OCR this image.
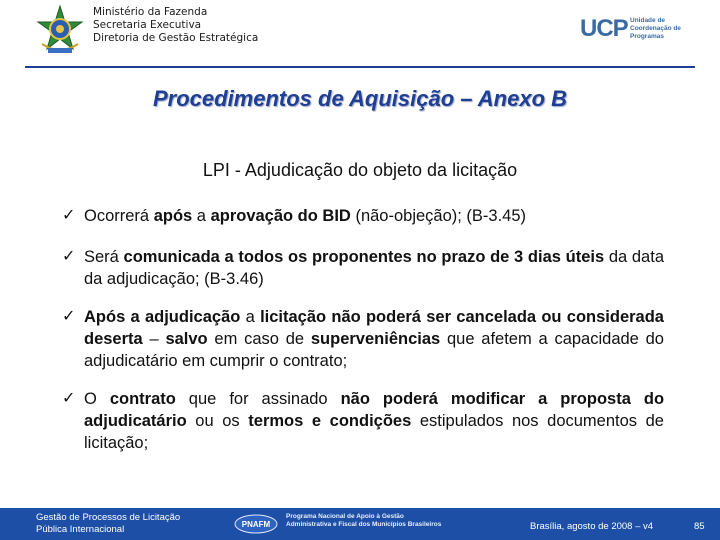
Ministério da Fazenda
Secretaria Executiva
Diretoria de Gestão Estratégica	UCP Unidade de
Coordenação de
Programas
Procedimentos de Aquisição – Anexo B
LPI - Adjudicação do objeto da licitação
✓ Ocorrerá após a aprovação do BID (não-objeção); (B-3.45)
✓ Será comunicada a todos os proponentes no prazo de 3 dias úteis da data da adjudicação; (B-3.46)
✓ Após a adjudicação a licitação não poderá ser cancelada ou considerada deserta – salvo em caso de superveniências que afetem a capacidade do adjudicatário em cumprir o contrato;
✓ O contrato que for assinado não poderá modificar a proposta do adjudicatário ou os termos e condições estipulados nos documentos de licitação;
Gestão de Processos de Licitação
Pública Internacional	PNAFM
Programa Nacional de Apoio à Gestão
Administrativa e Fiscal dos Municípios Brasileiros	Brasília, agosto de 2008 – v4	85
